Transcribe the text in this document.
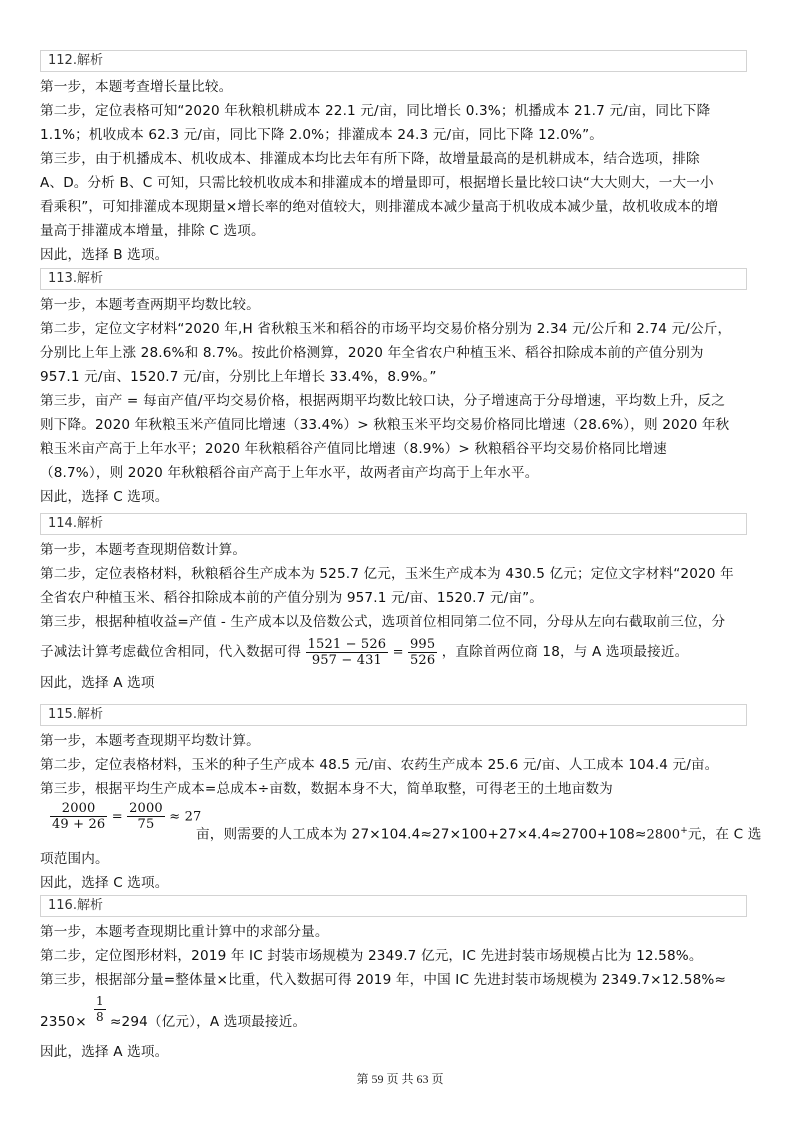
112.解析
第一步，本题考查增长量比较。
第二步，定位表格可知“2020 年秋粮机耕成本 22.1 元/亩，同比增长 0.3%；机播成本 21.7 元/亩，同比下降
1.1%；机收成本 62.3 元/亩，同比下降 2.0%；排灌成本 24.3 元/亩，同比下降 12.0%”。
第三步，由于机播成本、机收成本、排灌成本均比去年有所下降，故增量最高的是机耕成本，结合选项，排除
A、D。分析 B、C 可知，只需比较机收成本和排灌成本的增量即可，根据增长量比较口诀“大大则大，一大一小
看乘积”，可知排灌成本现期量×增长率的绝对值较大，则排灌成本减少量高于机收成本减少量，故机收成本的增
量高于排灌成本增量，排除 C 选项。
因此，选择 B 选项。
113.解析
第一步，本题考查两期平均数比较。
第二步，定位文字材料“2020 年,H 省秋粮玉米和稻谷的市场平均交易价格分别为 2.34 元/公斤和 2.74 元/公斤，
分别比上年上涨 28.6%和 8.7%。按此价格测算，2020 年全省农户种植玉米、稻谷扣除成本前的产值分别为
957.1 元/亩、1520.7 元/亩，分别比上年增长 33.4%，8.9%。”
第三步，亩产 = 每亩产值/平均交易价格，根据两期平均数比较口诀，分子增速高于分母增速，平均数上升，反之
则下降。2020 年秋粮玉米产值同比增速（33.4%）> 秋粮玉米平均交易价格同比增速（28.6%），则 2020 年秋
粮玉米亩产高于上年水平；2020 年秋粮稻谷产值同比增速（8.9%）> 秋粮稻谷平均交易价格同比增速
（8.7%），则 2020 年秋粮稻谷亩产高于上年水平，故两者亩产均高于上年水平。
因此，选择 C 选项。
114.解析
第一步，本题考查现期倍数计算。
第二步，定位表格材料，秋粮稻谷生产成本为 525.7 亿元，玉米生产成本为 430.5 亿元；定位文字材料“2020 年
全省农户种植玉米、稻谷扣除成本前的产值分别为 957.1 元/亩、1520.7 元/亩”。
第三步，根据种植收益=产值 - 生产成本以及倍数公式，选项首位相同第二位不同，分母从左向右截取前三位，分
子减法计算考虑截位舍相同，代入数据可得 $\frac{1521 - 526}{957 - 431} = \frac{995}{526}$ ，直除首两位商 18，与 A 选项最接近。
因此，选择 A 选项
115.解析
第一步，本题考查现期平均数计算。
第二步，定位表格材料，玉米的种子生产成本 48.5 元/亩、农药生产成本 25.6 元/亩、人工成本 104.4 元/亩。
第三步，根据平均生产成本=总成本÷亩数，数据本身不大，简单取整，可得老王的土地亩数为
$\frac{2000}{49 + 26} = \frac{2000}{75} \approx 27$
亩，则需要的人工成本为 27×104.4≈27×100+27×4.4≈2700+108≈2800+元，在 C 选
项范围内。
因此，选择 C 选项。
116.解析
第一步，本题考查现期比重计算中的求部分量。
第二步，定位图形材料，2019 年 IC 封装市场规模为 2349.7 亿元，IC 先进封装市场规模占比为 12.58%。
第三步，根据部分量=整体量×比重，代入数据可得 2019 年，中国 IC 先进封装市场规模为 2349.7×12.58%≈
$2350\times \frac{1}{8} \approx 294$（亿元），A 选项最接近。
因此，选择 A 选项。
第 59 页 共 63 页
